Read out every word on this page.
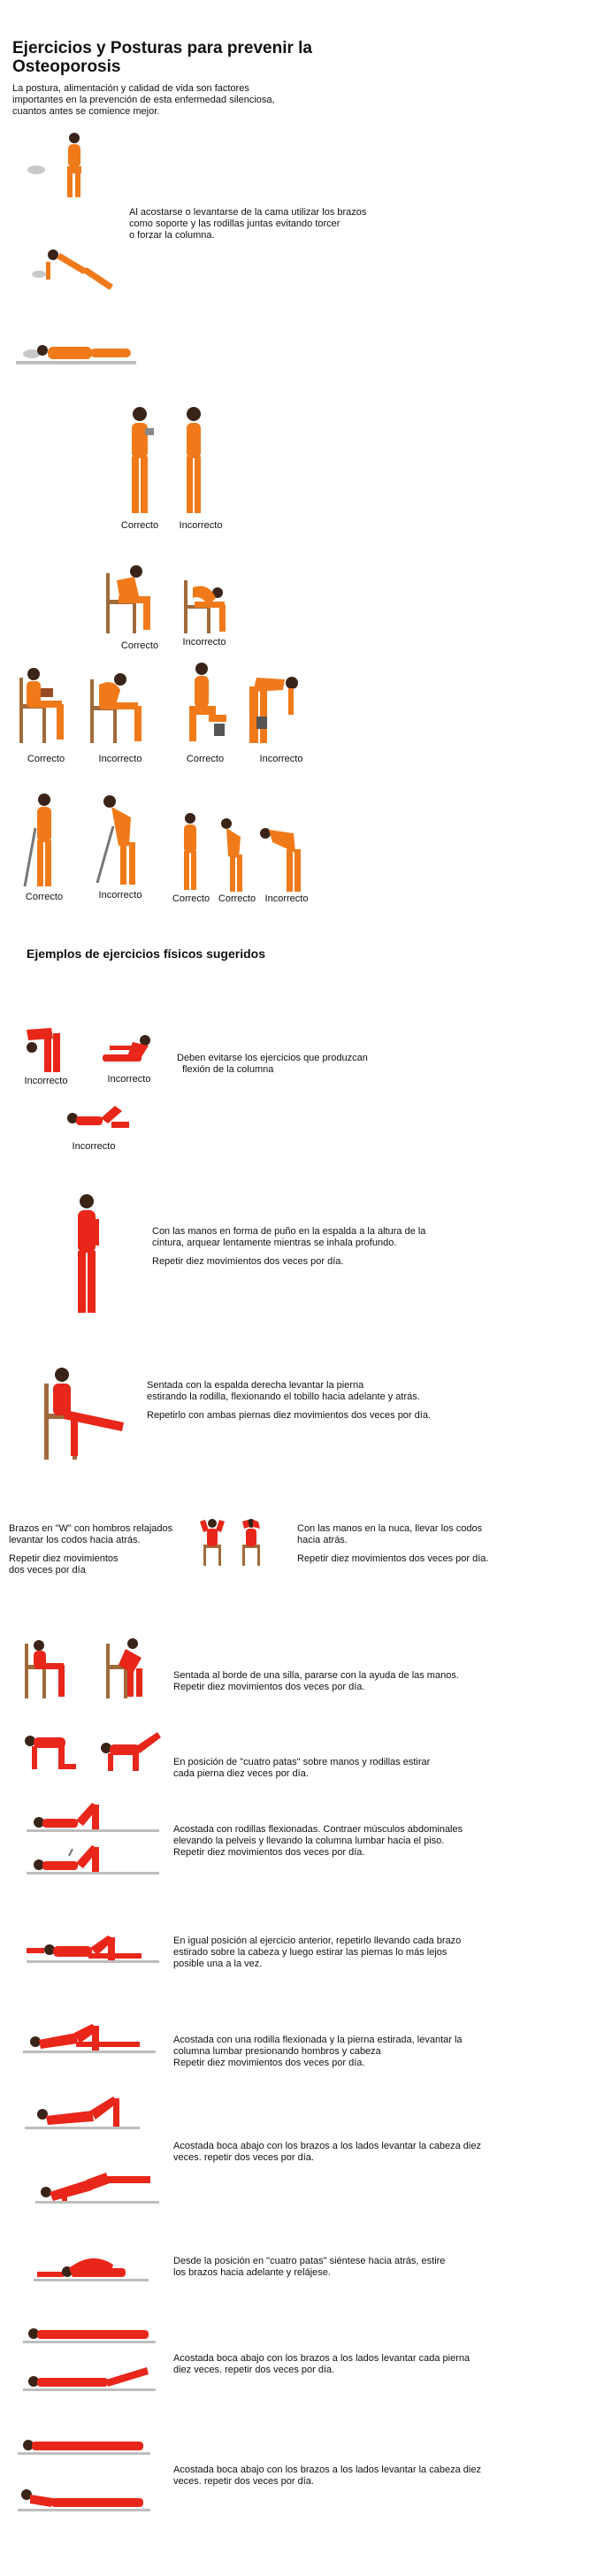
Ejercicios y Posturas para prevenir la Osteoporosis
La postura, alimentación y calidad de vida son factores
importantes en la prevención de esta enfermedad silenciosa,
cuantos antes se comience mejor.
Al acostarse o levantarse de la cama utilizar los brazos
como soporte y las rodillas juntas evitando torcer
o forzar la columna.
Correcto	Incorrecto
Correcto	Incorrecto
Correcto	Incorrecto	Correcto	Incorrecto
Correcto	Incorrecto	Correcto Correcto Incorrecto
Ejemplos de ejercicios físicos sugeridos
Incorrecto	Incorrecto
Deben evitarse los ejercicios que produzcan
flexión de la columna
Incorrecto
Con las manos en forma de puño en la espalda a la altura de la
cintura, arquear lentamente mientras se inhala profundo.
Repetir diez movimientos dos veces por día.
Sentada con la espalda derecha levantar la pierna
estirando la rodilla, flexionando el tobillo hacia adelante y atrás.
Repetirlo con ambas piernas diez movimientos dos veces por día.
Brazos en "W" con hombros relajados
levantar los codos hacia atrás.
Repetir diez movimientos
dos veces por día
Con las manos en la nuca, llevar los codos
hacia atrás.
Repetir diez movimientos dos veces por día.
Sentada al borde de una silla, pararse con la ayuda de las manos.
Repetir diez movimientos dos veces por día.
En posición de "cuatro patas" sobre manos y rodillas estirar
cada pierna diez veces por día.
Acostada con rodillas flexionadas. Contraer músculos abdominales
elevando la pelveis y llevando la columna lumbar hacia el piso.
Repetir diez movimientos dos veces por día.
En igual posición al ejercicio anterior, repetirlo llevando cada brazo
estirado sobre la cabeza y luego estirar las piernas lo más lejos
posible una a la vez.
Acostada con una rodilla flexionada y la pierna estirada, levantar la
columna lumbar presionando hombros y cabeza
Repetir diez movimientos dos veces por día.
Acostada boca abajo con los brazos a los lados levantar la cabeza diez
veces. repetir dos veces por día.
Desde la posición en "cuatro patas" siéntese hacia atrás, estire
los brazos hacia adelante y relájese.
Acostada boca abajo con los brazos a los lados levantar cada pierna
diez veces. repetir dos veces por día.
Acostada boca abajo con los brazos a los lados levantar la cabeza diez
veces. repetir dos veces por día.
